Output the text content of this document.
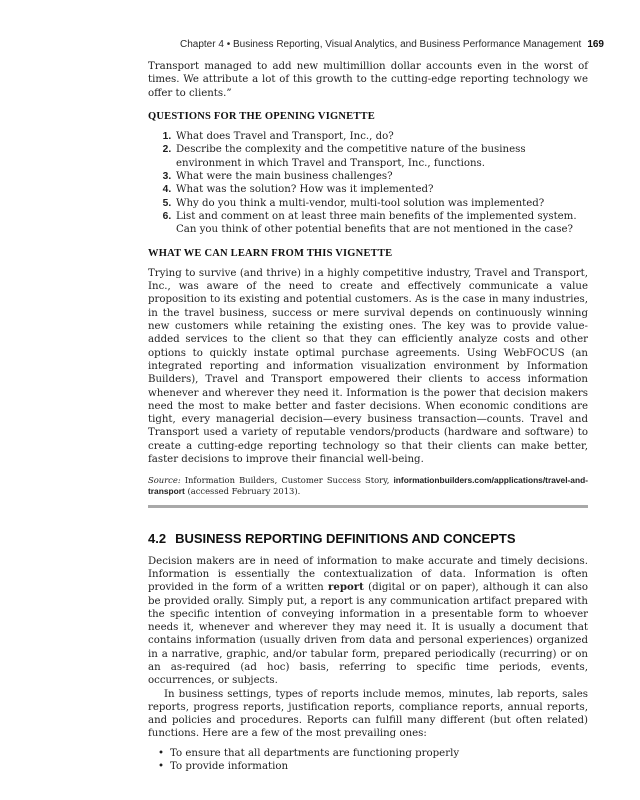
Chapter 4 • Business Reporting, Visual Analytics, and Business Performance Management 169

Transport managed to add new multimillion dollar accounts even in the worst of times. We attribute a lot of this growth to the cutting-edge reporting technology we offer to clients.”

QUESTIONS FOR THE OPENING VIGNETTE
1. What does Travel and Transport, Inc., do?
2. Describe the complexity and the competitive nature of the business environment in which Travel and Transport, Inc., functions.
3. What were the main business challenges?
4. What was the solution? How was it implemented?
5. Why do you think a multi-vendor, multi-tool solution was implemented?
6. List and comment on at least three main benefits of the implemented system. Can you think of other potential benefits that are not mentioned in the case?
WHAT WE CAN LEARN FROM THIS VIGNETTE

Trying to survive (and thrive) in a highly competitive industry, Travel and Transport, Inc., was aware of the need to create and effectively communicate a value proposition to its existing and potential customers. As is the case in many industries, in the travel business, success or mere survival depends on continuously winning new customers while retaining the existing ones. The key was to provide value-added services to the client so that they can efficiently analyze costs and other options to quickly instate optimal purchase agreements. Using WebFOCUS (an integrated reporting and information visualization environment by Information Builders), Travel and Transport empowered their clients to access information whenever and wherever they need it. Information is the power that decision makers need the most to make better and faster decisions. When economic conditions are tight, every managerial decision—every business transaction—counts. Travel and Transport used a variety of reputable vendors/products (hardware and software) to create a cutting-edge reporting technology so that their clients can make better, faster decisions to improve their financial well-being.

Source: Information Builders, Customer Success Story, informationbuilders.com/applications/travel-and-transport (accessed February 2013).

4.2 BUSINESS REPORTING DEFINITIONS AND CONCEPTS

Decision makers are in need of information to make accurate and timely decisions. Information is essentially the contextualization of data. Information is often provided in the form of a written report (digital or on paper), although it can also be provided orally. Simply put, a report is any communication artifact prepared with the specific intention of conveying information in a presentable form to whoever needs it, whenever and wherever they may need it. It is usually a document that contains information (usually driven from data and personal experiences) organized in a narrative, graphic, and/or tabular form, prepared periodically (recurring) or on an as-required (ad hoc) basis, referring to specific time periods, events, occurrences, or subjects.

In business settings, types of reports include memos, minutes, lab reports, sales reports, progress reports, justification reports, compliance reports, annual reports, and policies and procedures. Reports can fulfill many different (but often related) functions. Here are a few of the most prevailing ones:

• To ensure that all departments are functioning properly
• To provide information
